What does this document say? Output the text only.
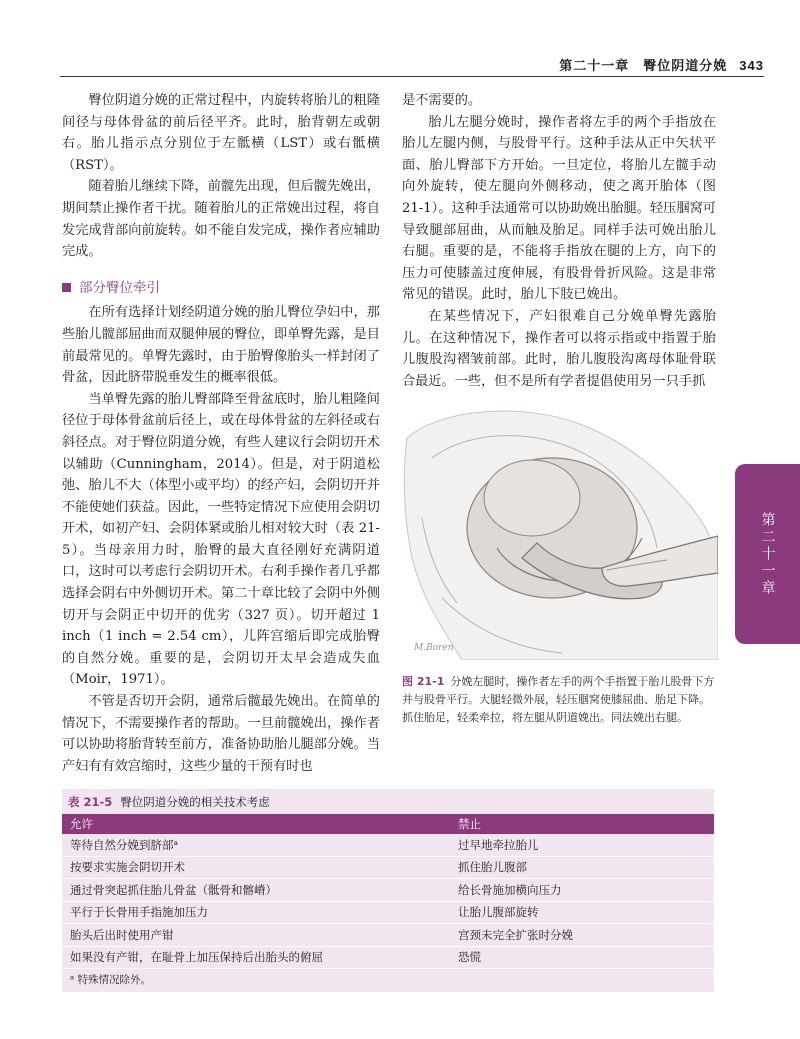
第二十一章　臀位阴道分娩 343

臀位阴道分娩的正常过程中，内旋转将胎儿的粗隆间径与母体骨盆的前后径平齐。此时，胎背朝左或朝右。胎儿指示点分别位于左骶横（LST）或右骶横（RST）。

随着胎儿继续下降，前髋先出现，但后髋先娩出，期间禁止操作者干扰。随着胎儿的正常娩出过程，将自发完成背部向前旋转。如不能自发完成，操作者应辅助完成。

部分臀位牵引

在所有选择计划经阴道分娩的胎儿臀位孕妇中，那些胎儿髋部屈曲而双腿伸展的臀位，即单臀先露，是目前最常见的。单臀先露时，由于胎臀像胎头一样封闭了骨盆，因此脐带脱垂发生的概率很低。

当单臀先露的胎儿臀部降至骨盆底时，胎儿粗隆间径位于母体骨盆前后径上，或在母体骨盆的左斜径或右斜径点。对于臀位阴道分娩，有些人建议行会阴切开术以辅助（Cunningham，2014）。但是，对于阴道松弛、胎儿不大（体型小或平均）的经产妇，会阴切开并不能使她们获益。因此，一些特定情况下应使用会阴切开术，如初产妇、会阴体紧或胎儿相对较大时（表 21-5）。当母亲用力时，胎臀的最大直径刚好充满阴道口，这时可以考虑行会阴切开术。右利手操作者几乎都选择会阴右中外侧切开术。第二十章比较了会阴中外侧切开与会阴正中切开的优劣（327 页）。切开超过 1 inch（1 inch = 2.54 cm），儿阵宫缩后即完成胎臀的自然分娩。重要的是，会阴切开太早会造成失血（Moir，1971）。

不管是否切开会阴，通常后髋最先娩出。在简单的情况下，不需要操作者的帮助。一旦前髋娩出，操作者可以协助将胎背转至前方，准备协助胎儿腿部分娩。当产妇有有效宫缩时，这些少量的干预有时也

是不需要的。

胎儿左腿分娩时，操作者将左手的两个手指放在胎儿左腿内侧，与股骨平行。这种手法从正中矢状平面、胎儿臀部下方开始。一旦定位，将胎儿左髋手动向外旋转，使左腿向外侧移动，使之离开胎体（图 21-1）。这种手法通常可以协助娩出胎腿。轻压腘窝可导致腿部屈曲，从而触及胎足。同样手法可娩出胎儿右腿。重要的是，不能将手指放在腿的上方，向下的压力可使膝盖过度伸展，有股骨骨折风险。这是非常常见的错误。此时，胎儿下肢已娩出。

在某些情况下，产妇很难自己分娩单臀先露胎儿。在这种情况下，操作者可以将示指或中指置于胎儿腹股沟褶皱前部。此时，胎儿腹股沟离母体耻骨联合最近。一些，但不是所有学者提倡使用另一只手抓

M.Boren
图 21-1 分娩左腿时，操作者左手的两个手指置于胎儿股骨下方并与股骨平行。大腿轻微外展，轻压腘窝使膝屈曲、胎足下降。抓住胎足，轻柔牵拉，将左腿从阴道娩出。同法娩出右腿。
第二十一章
表 21-5 臀位阴道分娩的相关技术考虑
允许	禁止
等待自然分娩到脐部ᵃ	过早地牵拉胎儿
按要求实施会阴切开术	抓住胎儿腹部
通过骨突起抓住胎儿骨盆（骶骨和髂嵴）	给长骨施加横向压力
平行于长骨用手指施加压力	让胎儿腹部旋转
胎头后出时使用产钳	宫颈未完全扩张时分娩
如果没有产钳，在耻骨上加压保持后出胎头的俯屈	恐慌
ᵃ 特殊情况除外。
